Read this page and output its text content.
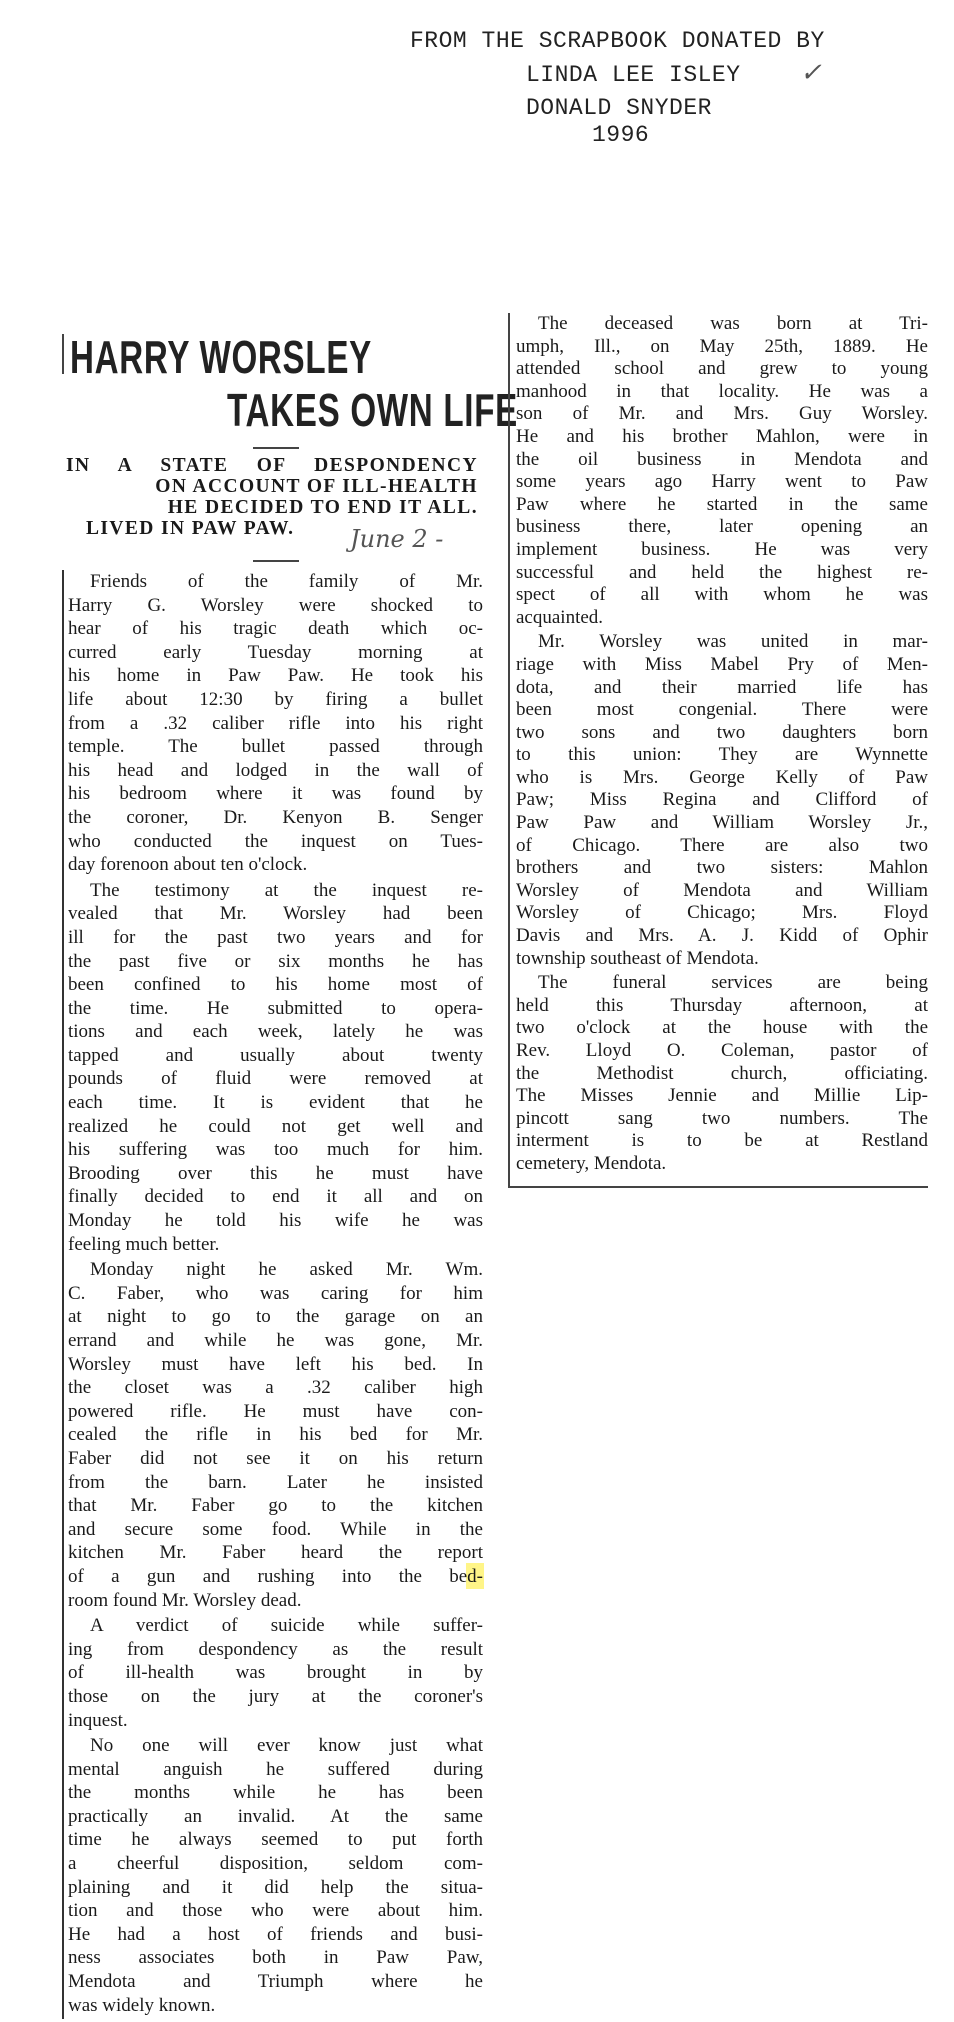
FROM THE SCRAPBOOK DONATED BY
LINDA LEE ISLEY ✓
DONALD SNYDER
1996
HARRY WORSLEY
TAKES OWN LIFE
IN A STATE OF DESPONDENCY
ON ACCOUNT OF ILL-HEALTH
HE DECIDED TO END IT ALL.
LIVED IN PAW PAW.	June 2 -
Friends of the family of Mr.
Harry G. Worsley were shocked to
hear of his tragic death which oc-
curred early Tuesday morning at
his home in Paw Paw. He took his
life about 12:30 by firing a bullet
from a .32 caliber rifle into his right
temple. The bullet passed through
his head and lodged in the wall of
his bedroom where it was found by
the coroner, Dr. Kenyon B. Senger
who conducted the inquest on Tues-
day forenoon about ten o'clock.
The testimony at the inquest re-
vealed that Mr. Worsley had been
ill for the past two years and for
the past five or six months he has
been confined to his home most of
the time. He submitted to opera-
tions and each week, lately he was
tapped and usually about twenty
pounds of fluid were removed at
each time. It is evident that he
realized he could not get well and
his suffering was too much for him.
Brooding over this he must have
finally decided to end it all and on
Monday he told his wife he was
feeling much better.
Monday night he asked Mr. Wm.
C. Faber, who was caring for him
at night to go to the garage on an
errand and while he was gone, Mr.
Worsley must have left his bed. In
the closet was a .32 caliber high
powered rifle. He must have con-
cealed the rifle in his bed for Mr.
Faber did not see it on his return
from the barn. Later he insisted
that Mr. Faber go to the kitchen
and secure some food. While in the
kitchen Mr. Faber heard the report
of a gun and rushing into the bed-
room found Mr. Worsley dead.
A verdict of suicide while suffer-
ing from despondency as the result
of ill-health was brought in by
those on the jury at the coroner's
inquest.
No one will ever know just what
mental anguish he suffered during
the months while he has been
practically an invalid. At the same
time he always seemed to put forth
a cheerful disposition, seldom com-
plaining and it did help the situa-
tion and those who were about him.
He had a host of friends and busi-
ness associates both in Paw Paw,
Mendota and Triumph where he
was widely known.
The deceased was born at Tri-
umph, Ill., on May 25th, 1889. He
attended school and grew to young
manhood in that locality. He was a
son of Mr. and Mrs. Guy Worsley.
He and his brother Mahlon, were in
the oil business in Mendota and
some years ago Harry went to Paw
Paw where he started in the same
business there, later opening an
implement business. He was very
successful and held the highest re-
spect of all with whom he was
acquainted.
Mr. Worsley was united in mar-
riage with Miss Mabel Pry of Men-
dota, and their married life has
been most congenial. There were
two sons and two daughters born
to this union: They are Wynnette
who is Mrs. George Kelly of Paw
Paw; Miss Regina and Clifford of
Paw Paw and William Worsley Jr.,
of Chicago. There are also two
brothers and two sisters: Mahlon
Worsley of Mendota and William
Worsley of Chicago; Mrs. Floyd
Davis and Mrs. A. J. Kidd of Ophir
township southeast of Mendota.
The funeral services are being
held this Thursday afternoon, at
two o'clock at the house with the
Rev. Lloyd O. Coleman, pastor of
the Methodist church, officiating.
The Misses Jennie and Millie Lip-
pincott sang two numbers. The
interment is to be at Restland
cemetery, Mendota.
